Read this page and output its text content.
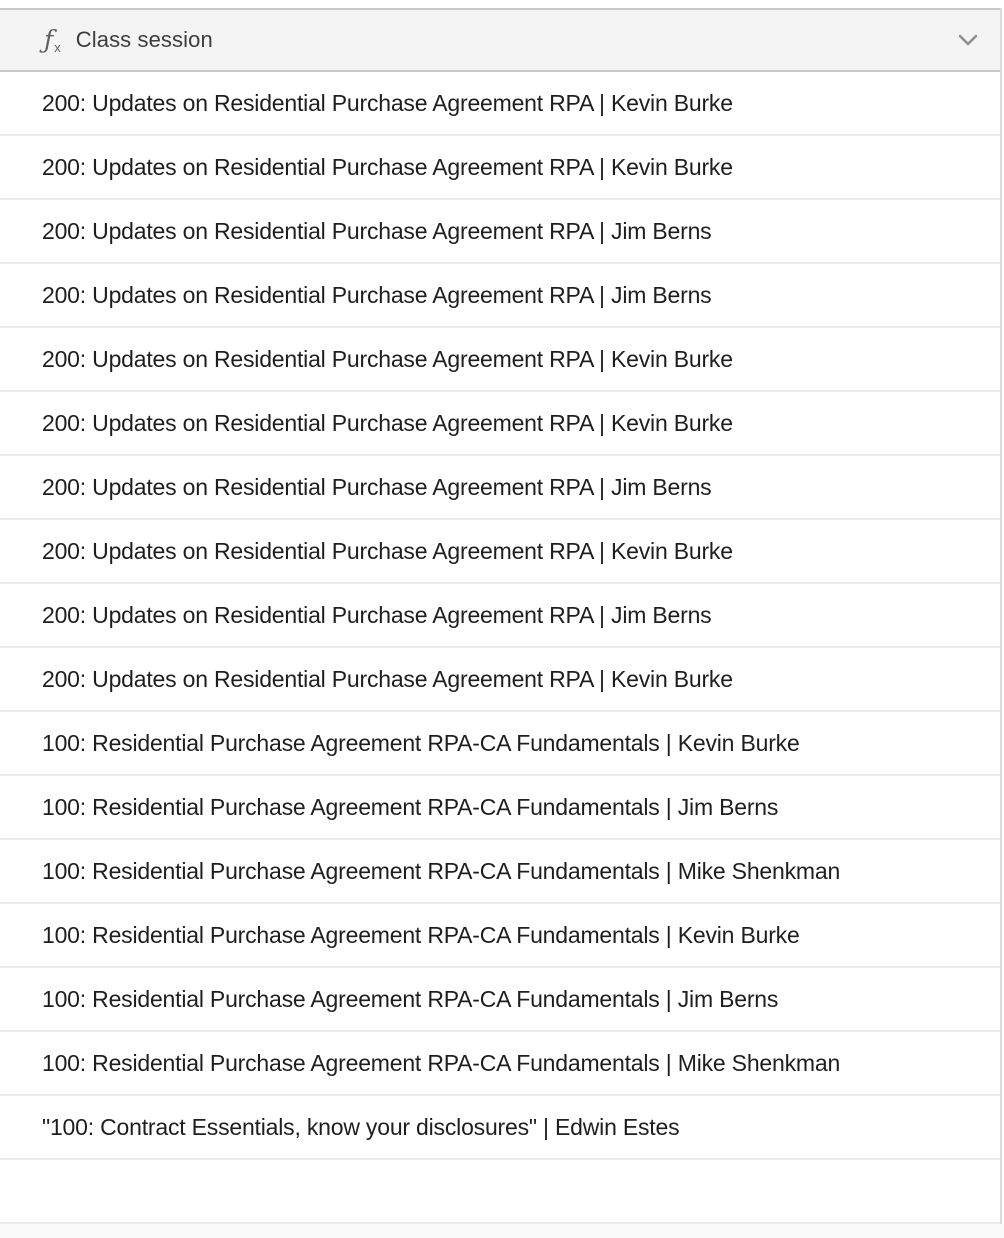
$ƒ_x$ Class session
200: Updates on Residential Purchase Agreement RPA | Kevin Burke
200: Updates on Residential Purchase Agreement RPA | Kevin Burke
200: Updates on Residential Purchase Agreement RPA | Jim Berns
200: Updates on Residential Purchase Agreement RPA | Jim Berns
200: Updates on Residential Purchase Agreement RPA | Kevin Burke
200: Updates on Residential Purchase Agreement RPA | Kevin Burke
200: Updates on Residential Purchase Agreement RPA | Jim Berns
200: Updates on Residential Purchase Agreement RPA | Kevin Burke
200: Updates on Residential Purchase Agreement RPA | Jim Berns
200: Updates on Residential Purchase Agreement RPA | Kevin Burke
100: Residential Purchase Agreement RPA-CA Fundamentals | Kevin Burke
100: Residential Purchase Agreement RPA-CA Fundamentals | Jim Berns
100: Residential Purchase Agreement RPA-CA Fundamentals | Mike Shenkman
100: Residential Purchase Agreement RPA-CA Fundamentals | Kevin Burke
100: Residential Purchase Agreement RPA-CA Fundamentals | Jim Berns
100: Residential Purchase Agreement RPA-CA Fundamentals | Mike Shenkman
"100: Contract Essentials, know your disclosures" | Edwin Estes
